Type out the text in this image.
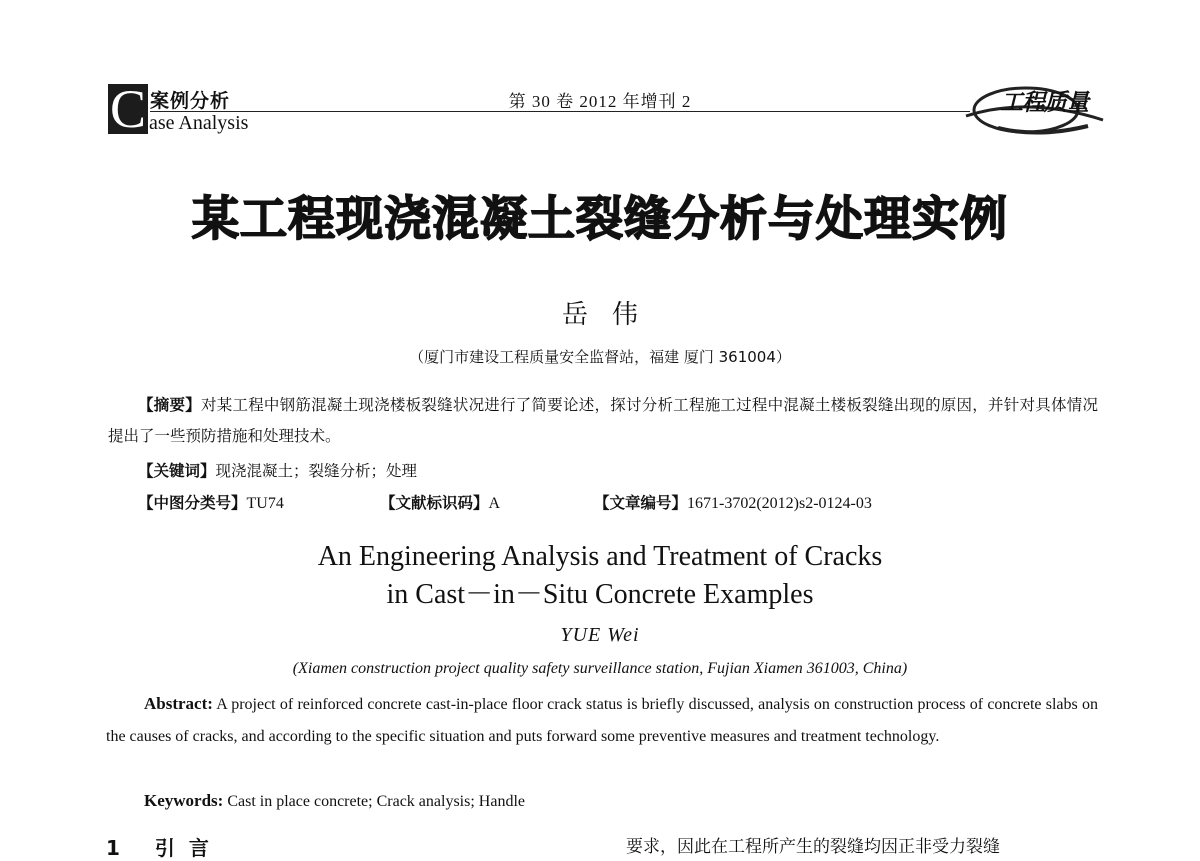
C 案例分析
ase Analysis
第 30 卷 2012 年增刊 2	工程质量
某工程现浇混凝土裂缝分析与处理实例
岳伟
（厦门市建设工程质量安全监督站，福建 厦门 361004）
【摘要】对某工程中钢筋混凝土现浇楼板裂缝状况进行了简要论述，探讨分析工程施工过程中混凝土楼板裂缝出现的原因，并针对具体情况提出了一些预防措施和处理技术。
【关键词】现浇混凝土；裂缝分析；处理
【中图分类号】TU74	【文献标识码】A	【文章编号】1671-3702(2012)s2-0124-03
An Engineering Analysis and Treatment of Cracks
in Cast－in－Situ Concrete Examples
YUE Wei
(Xiamen construction project quality safety surveillance station, Fujian Xiamen 361003, China)
Abstract: A project of reinforced concrete cast-in-place floor crack status is briefly discussed, analysis on construction process of concrete slabs on the causes of cracks, and according to the specific situation and puts forward some preventive measures and treatment technology.
Keywords: Cast in place concrete; Crack analysis; Handle
1 引言	要求，因此在工程所产生的裂缝均因正非受力裂缝
